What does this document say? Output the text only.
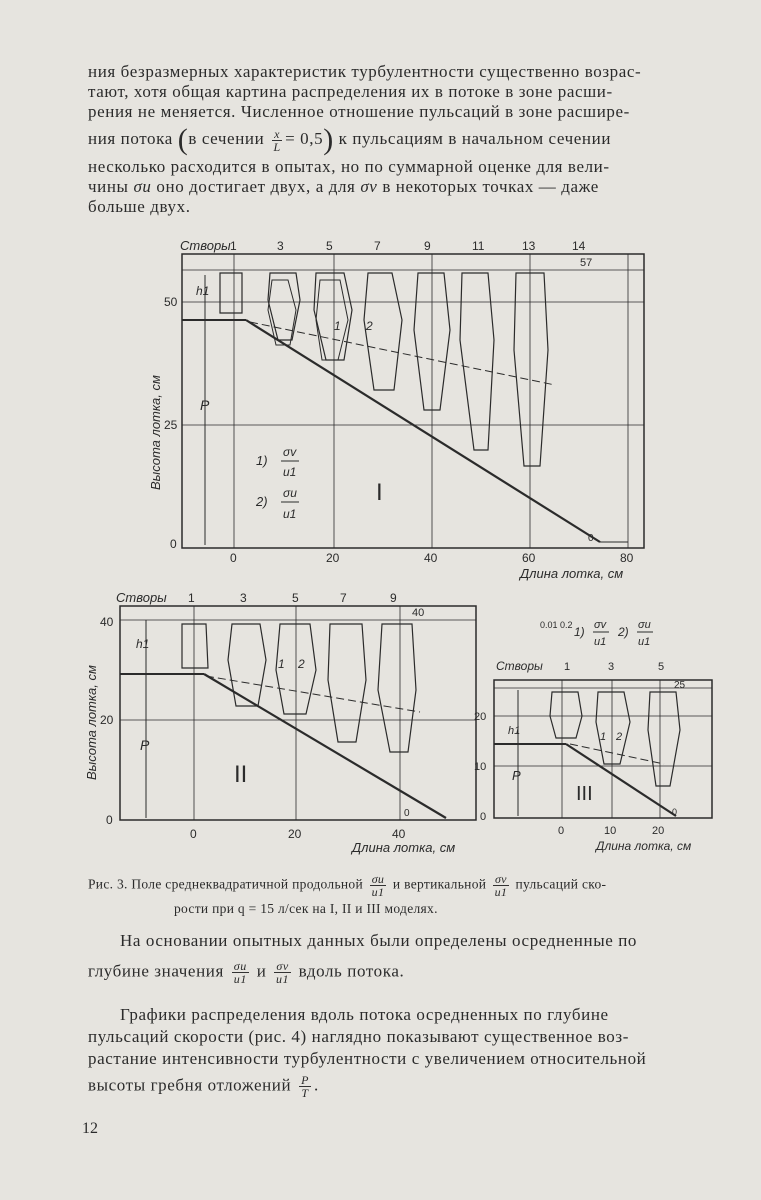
ния безразмерных характеристик турбулентности существенно возрас-
тают, хотя общая картина распределения их в потоке в зоне расши-
рения не меняется. Численное отношение пульсаций в зоне расшире-
ния потока (в сечении $\frac{x}{L} = 0,5$) к пульсациям в начальном сечении
несколько расходится в опытах, но по суммарной оценке для вели-
чины σu оно достигает двух, а для σv в некоторых точках — даже
больше двух.
Створы 1	3	5	7	9	11	13	14
57
50
25
0
0	20	40	60	80
0
Длина лотка, см
Высота лотка, см
h1
P
1 2
1)
σv
u1
2)
σu
u1
I
Створы 1	3	5	7	9
40
40
20
0
0	20	40
0
Длина лотка, см
Высота лотка, см
h1
P
1 2
II
0.01 0.2 1) σv
u1
2) σu
u1
Створы 1	3	5
25
20
10
0
0	10	20
0
Длина лотка, см
h1
P
1 2
III
Рис. 3. Поле среднеквадратичной продольной $\frac{\sigma u}{u1}$ и вертикальной $\frac{\sigma v}{u1}$ пульсаций ско-
рости при q = 15 л/сек на I, II и III моделях.
На основании опытных данных были определены осредненные по
глубине значения $\frac{\sigma u}{u1}$ и $\frac{\sigma v}{u1}$ вдоль потока.
Графики распределения вдоль потока осредненных по глубине
пульсаций скорости (рис. 4) наглядно показывают существенное воз-
растание интенсивности турбулентности с увеличением относительной
высоты гребня отложений $\frac{P}{T}$ .
12
